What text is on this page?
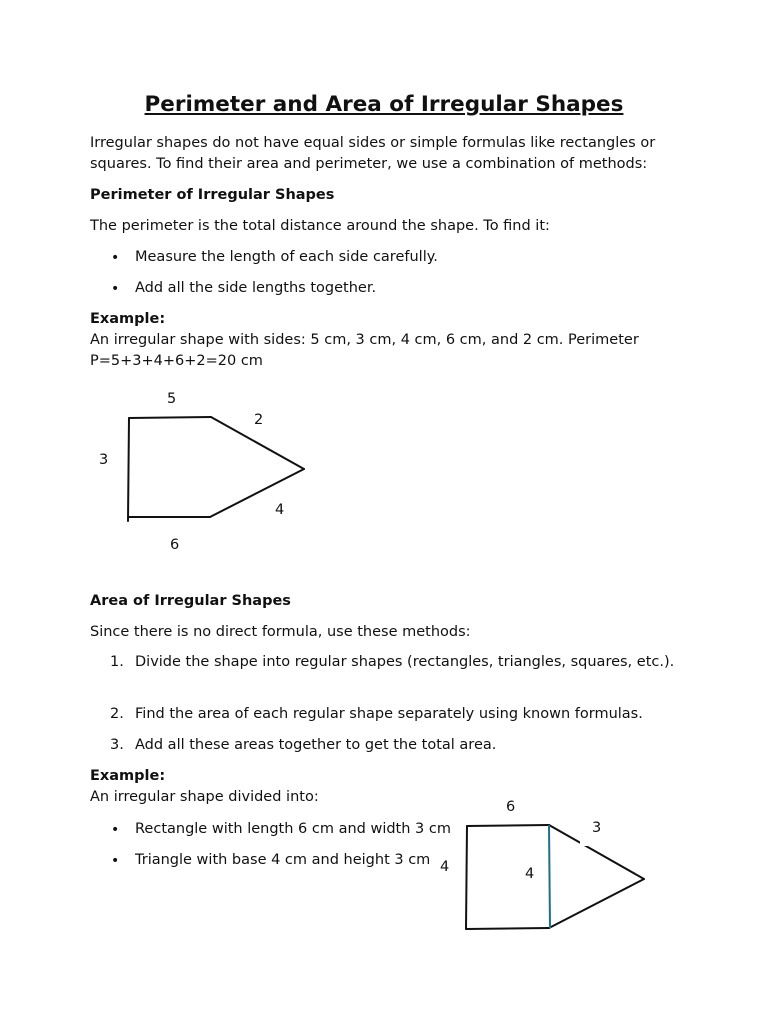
Perimeter and Area of Irregular Shapes

Irregular shapes do not have equal sides or simple formulas like rectangles or squares. To find their area and perimeter, we use a combination of methods:

Perimeter of Irregular Shapes

The perimeter is the total distance around the shape. To find it:

• Measure the length of each side carefully.

• Add all the side lengths together.

Example:

An irregular shape with sides: 5 cm, 3 cm, 4 cm, 6 cm, and 2 cm. Perimeter P=5+3+4+6+2=20 cm

5
2
3
4
6

Area of Irregular Shapes

Since there is no direct formula, use these methods:

1. Divide the shape into regular shapes (rectangles, triangles, squares, etc.).

2. Find the area of each regular shape separately using known formulas.

3. Add all these areas together to get the total area.

Example:

An irregular shape divided into:

• Rectangle with length 6 cm and width 3 cm

• Triangle with base 4 cm and height 3 cm

6
3
4	4
